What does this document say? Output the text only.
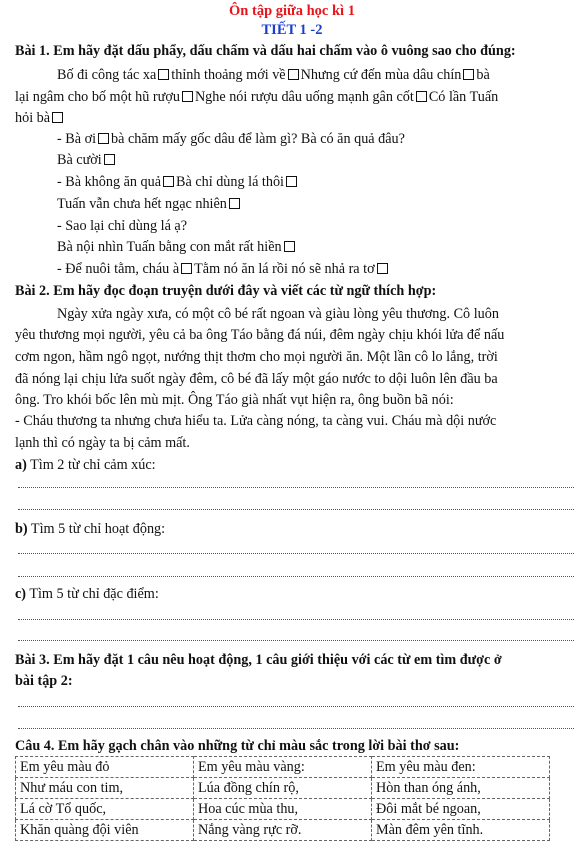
Ôn tập giữa học kì 1
TIẾT 1 -2
Bài 1. Em hãy đặt dấu phẩy, dấu chấm và dấu hai chấm vào ô vuông sao cho đúng:
Bố đi công tác xa thỉnh thoảng mới về Nhưng cứ đến mùa dâu chín bà
lại ngâm cho bố một hũ rượu Nghe nói rượu dâu uống mạnh gân cốt Có lần Tuấn
hỏi bà
- Bà ơi bà chăm mấy gốc dâu để làm gì? Bà có ăn quả đâu?
Bà cười
- Bà không ăn quả Bà chỉ dùng lá thôi
Tuấn vẫn chưa hết ngạc nhiên
- Sao lại chỉ dùng lá ạ?
Bà nội nhìn Tuấn bằng con mắt rất hiền
- Để nuôi tằm, cháu à Tằm nó ăn lá rồi nó sẽ nhả ra tơ
Bài 2. Em hãy đọc đoạn truyện dưới đây và viết các từ ngữ thích hợp:
Ngày xửa ngày xưa, có một cô bé rất ngoan và giàu lòng yêu thương. Cô luôn
yêu thương mọi người, yêu cả ba ông Táo bằng đá núi, đêm ngày chịu khói lửa để nấu
cơm ngon, hầm ngô ngọt, nướng thịt thơm cho mọi người ăn. Một lần cô lo lắng, trời
đã nóng lại chịu lửa suốt ngày đêm, cô bé đã lấy một gáo nước to dội luôn lên đầu ba
ông. Tro khói bốc lên mù mịt. Ông Táo già nhất vụt hiện ra, ông buồn bã nói:
- Cháu thương ta nhưng chưa hiểu ta. Lửa càng nóng, ta càng vui. Cháu mà dội nước
lạnh thì có ngày ta bị cảm mất.
a) Tìm 2 từ chỉ cảm xúc:
b) Tìm 5 từ chỉ hoạt động:
c) Tìm 5 từ chỉ đặc điểm:
Bài 3. Em hãy đặt 1 câu nêu hoạt động, 1 câu giới thiệu với các từ em tìm được ở
bài tập 2:
Câu 4. Em hãy gạch chân vào những từ chỉ màu sắc trong lời bài thơ sau:
Em yêu màu đỏ	Em yêu màu vàng:	Em yêu màu đen:
Như máu con tim,	Lúa đồng chín rộ,	Hòn than óng ánh,
Lá cờ Tổ quốc,	Hoa cúc mùa thu,	Đôi mắt bé ngoan,
Khăn quàng đội viên	Nắng vàng rực rỡ.	Màn đêm yên tĩnh.
